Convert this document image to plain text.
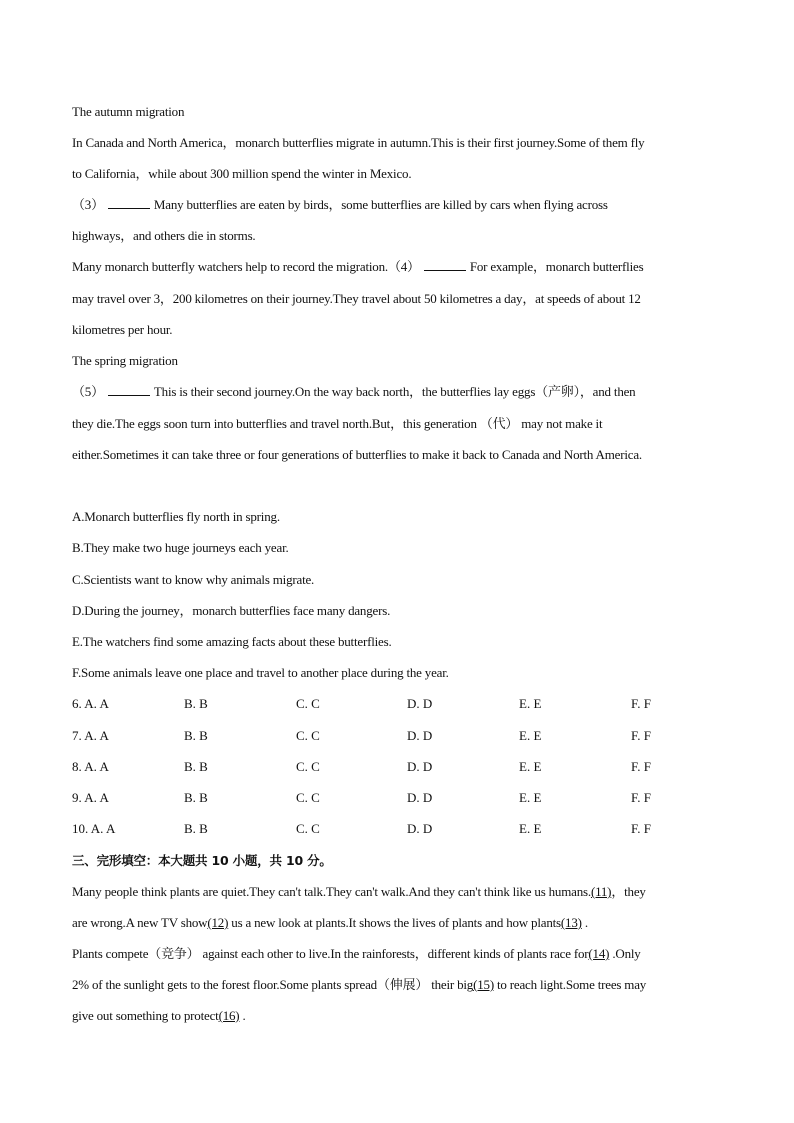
The autumn migration
In Canada and North America，monarch butterflies migrate in autumn.This is their first journey.Some of them fly
to California，while about 300 million spend the winter in Mexico.
（3）	Many butterflies are eaten by birds，some butterflies are killed by cars when flying across
highways，and others die in storms.
Many monarch butterfly watchers help to record the migration.（4）	For example，monarch butterflies
may travel over 3，200 kilometres on their journey.They travel about 50 kilometres a day，at speeds of about 12
kilometres per hour.
The spring migration
（5）	This is their second journey.On the way back north，the butterflies lay eggs（产卵），and then
they die.The eggs soon turn into butterflies and travel north.But，this generation （代） may not make it
either.Sometimes it can take three or four generations of butterflies to make it back to Canada and North America.
A.Monarch butterflies fly north in spring.
B.They make two huge journeys each year.
C.Scientists want to know why animals migrate.
D.During the journey，monarch butterflies face many dangers.
E.The watchers find some amazing facts about these butterflies.
F.Some animals leave one place and travel to another place during the year.
6. A. A	B. B	C. C	D. D	E. E	F. F
7. A. A	B. B	C. C	D. D	E. E	F. F
8. A. A	B. B	C. C	D. D	E. E	F. F
9. A. A	B. B	C. C	D. D	E. E	F. F
10. A. A	B. B	C. C	D. D	E. E	F. F
三、完形填空：本大题共 10 小题，共 10 分。
Many people think plants are quiet.They can't talk.They can't walk.And they can't think like us humans.(11)，they
are wrong.A new TV show(12) us a new look at plants.It shows the lives of plants and how plants(13) .
Plants compete（竞争） against each other to live.In the rainforests，different kinds of plants race for(14) .Only
2% of the sunlight gets to the forest floor.Some plants spread（伸展） their big(15) to reach light.Some trees may
give out something to protect(16) .
